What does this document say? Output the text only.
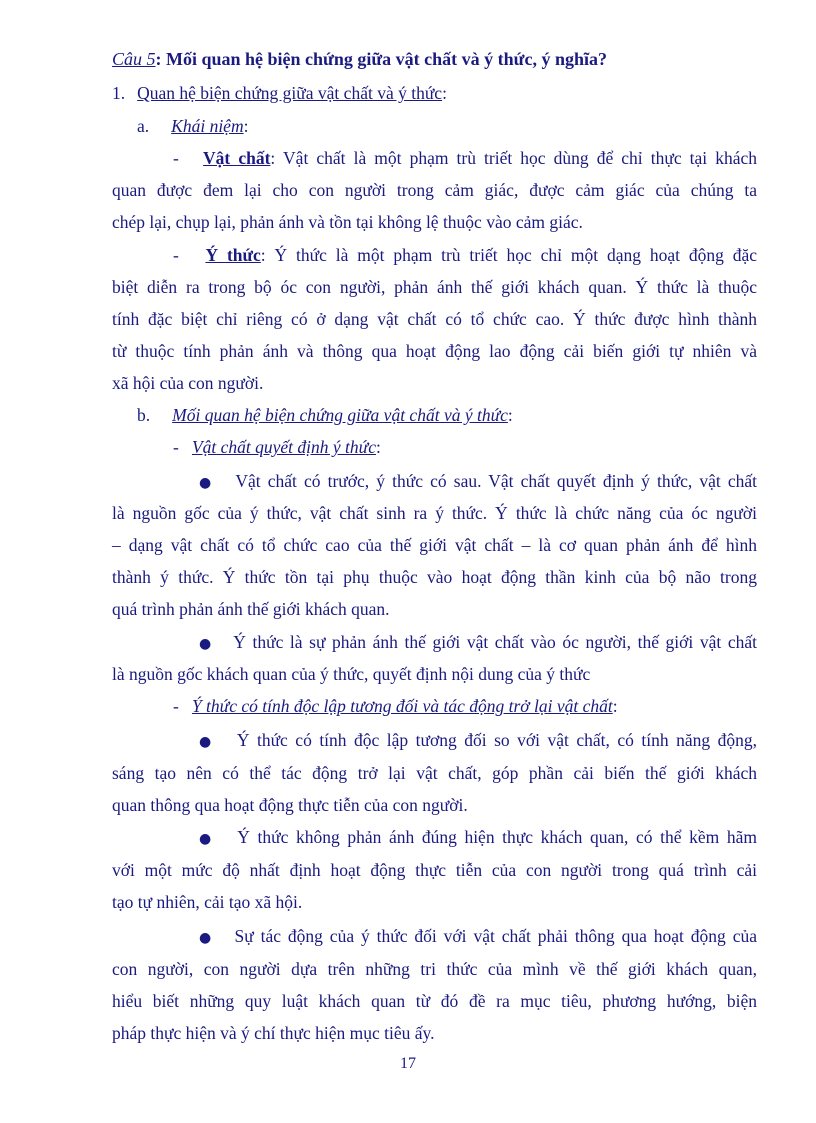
Câu 5: Mối quan hệ biện chứng giữa vật chất và ý thức, ý nghĩa?
1. Quan hệ biện chứng giữa vật chất và ý thức:
a. Khái niệm:
- Vật chất: Vật chất là một phạm trù triết học dùng để chỉ thực tại khách
quan được đem lại cho con người trong cảm giác, được cảm giác của chúng ta
chép lại, chụp lại, phản ánh và tồn tại không lệ thuộc vào cảm giác.
- Ý thức: Ý thức là một phạm trù triết học chỉ một dạng hoạt động đặc
biệt diễn ra trong bộ óc con người, phản ánh thế giới khách quan. Ý thức là thuộc
tính đặc biệt chỉ riêng có ở dạng vật chất có tổ chức cao. Ý thức được hình thành
từ thuộc tính phản ánh và thông qua hoạt động lao động cải biến giới tự nhiên và
xã hội của con người.
b. Mối quan hệ biện chứng giữa vật chất và ý thức:
- Vật chất quyết định ý thức:
● Vật chất có trước, ý thức có sau. Vật chất quyết định ý thức, vật chất
là nguồn gốc của ý thức, vật chất sinh ra ý thức. Ý thức là chức năng của óc người
– dạng vật chất có tổ chức cao của thế giới vật chất – là cơ quan phản ánh để hình
thành ý thức. Ý thức tồn tại phụ thuộc vào hoạt động thần kinh của bộ não trong
quá trình phản ánh thế giới khách quan.
● Ý thức là sự phản ánh thế giới vật chất vào óc người, thế giới vật chất
là nguồn gốc khách quan của ý thức, quyết định nội dung của ý thức
- Ý thức có tính độc lập tương đối và tác động trở lại vật chất:
● Ý thức có tính độc lập tương đối so với vật chất, có tính năng động,
sáng tạo nên có thể tác động trở lại vật chất, góp phần cải biến thế giới khách
quan thông qua hoạt động thực tiễn của con người.
● Ý thức không phản ánh đúng hiện thực khách quan, có thể kềm hãm
với một mức độ nhất định hoạt động thực tiễn của con người trong quá trình cải
tạo tự nhiên, cải tạo xã hội.
● Sự tác động của ý thức đối với vật chất phải thông qua hoạt động của
con người, con người dựa trên những tri thức của mình về thế giới khách quan,
hiểu biết những quy luật khách quan từ đó đề ra mục tiêu, phương hướng, biện
pháp thực hiện và ý chí thực hiện mục tiêu ấy.
17
